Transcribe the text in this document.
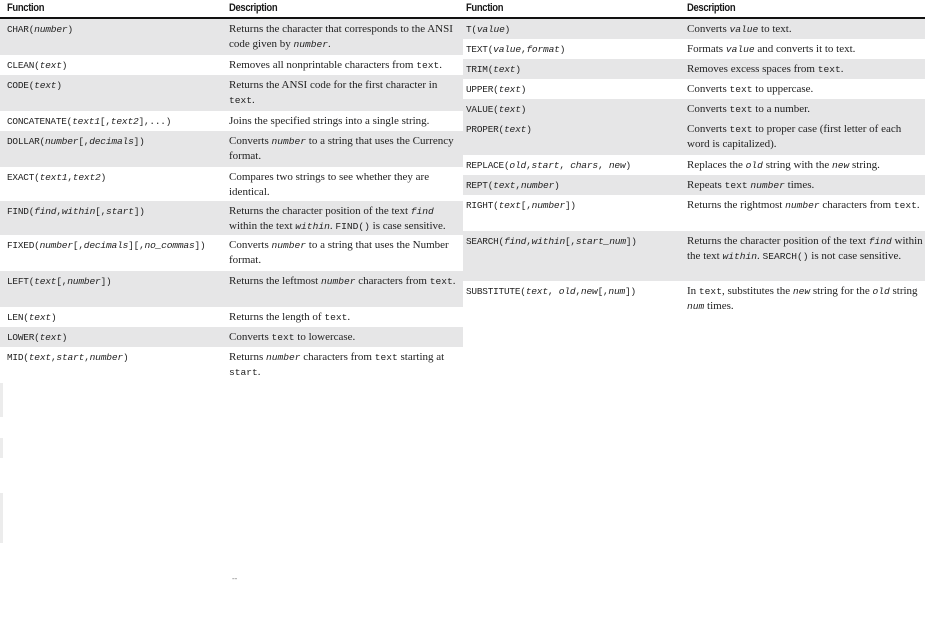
Function	Description
CHAR(number)	Returns the character that corresponds to the ANSI code given by number.
CLEAN(text)	Removes all nonprintable characters from text.
CODE(text)	Returns the ANSI code for the first character in text.
CONCATENATE(text1[,text2],...)	Joins the specified strings into a single string.
DOLLAR(number[,decimals])	Converts number to a string that uses the Currency format.
EXACT(text1,text2)	Compares two strings to see whether they are identical.
FIND(find,within[,start])	Returns the character position of the text find within the text within. FIND() is case sensitive.
FIXED(number[,decimals][,no_commas]) Converts number to a string that uses the Number format.
LEFT(text[,number])	Returns the leftmost number characters from text.
LEN(text)	Returns the length of text.
LOWER(text)	Converts text to lowercase.
MID(text,start,number)	Returns number characters from text starting at start.
Function	Description
T(value)	Converts value to text.
TEXT(value,format)	Formats value and converts it to text.
TRIM(text)	Removes excess spaces from text.
UPPER(text)	Converts text to uppercase.
VALUE(text)	Converts text to a number.
PROPER(text)	Converts text to proper case (first letter of each word is capitalized).
REPLACE(old,start, chars, new)	Replaces the old string with the new string.
REPT(text,number)	Repeats text number times.
RIGHT(text[,number])	Returns the rightmost number characters from text.
SEARCH(find,within[,start_num])	Returns the character position of the text find within the text within. SEARCH() is not case sensitive.
SUBSTITUTE(text, old,new[,num])	In text, substitutes the new string for the old string num times.
--
